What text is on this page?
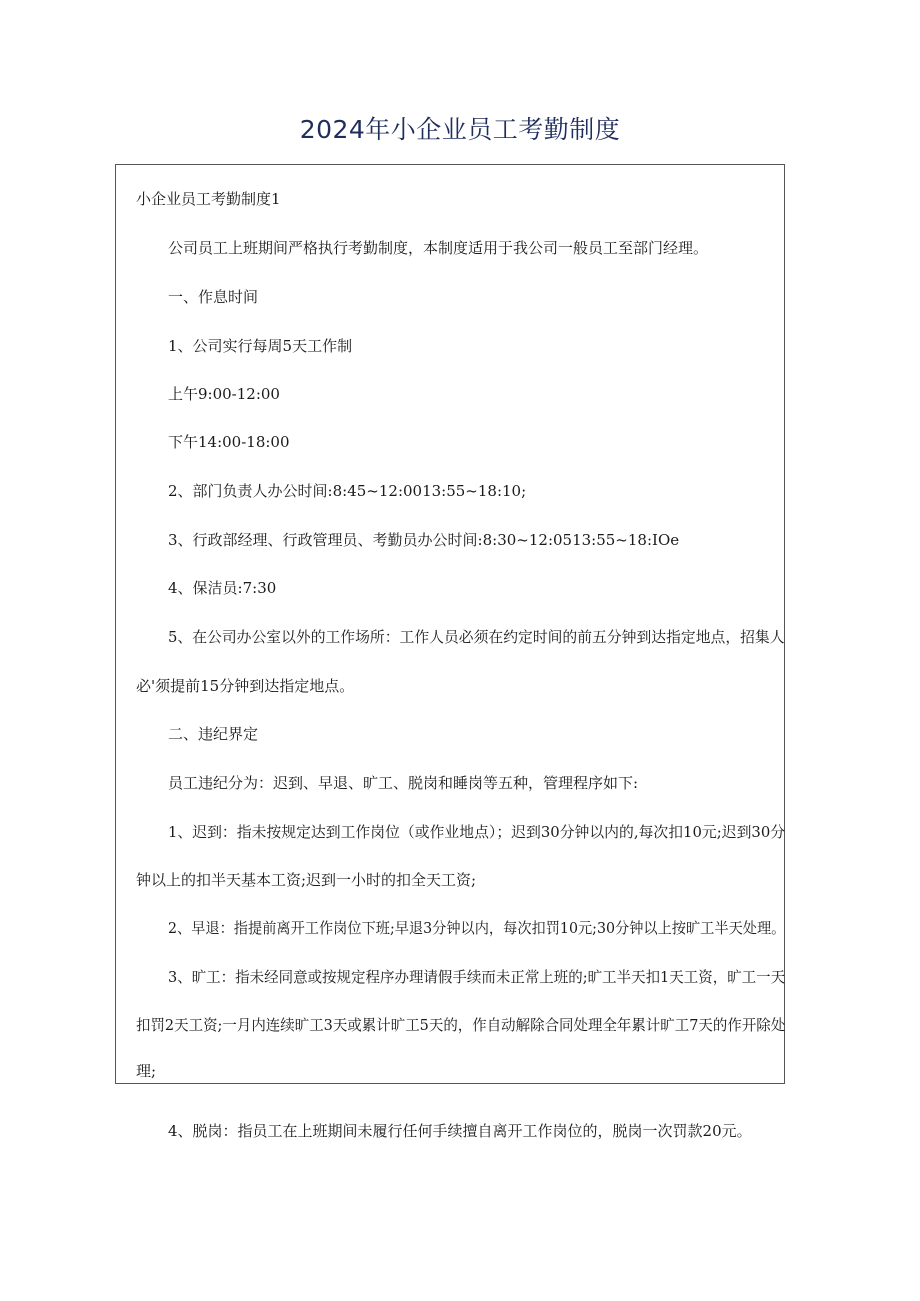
2024年小企业员工考勤制度
小企业员工考勤制度1
公司员工上班期间严格执行考勤制度，本制度适用于我公司一般员工至部门经理。
一、作息时间
1、公司实行每周5天工作制
上午9:00-12:00
下午14:00-18:00
2、部门负责人办公时间:8:45~12:0013:55~18:10;
3、行政部经理、行政管理员、考勤员办公时间:8:30~12:0513:55~18:IOe
4、保洁员:7:30
5、在公司办公室以外的工作场所：工作人员必须在约定时间的前五分钟到达指定地点，招集人
必'须提前15分钟到达指定地点。
二、违纪界定
员工违纪分为：迟到、早退、旷工、脱岗和睡岗等五种，管理程序如下:
1、迟到：指未按规定达到工作岗位（或作业地点）；迟到30分钟以内的,每次扣10元;迟到30分
钟以上的扣半天基本工资;迟到一小时的扣全天工资;
2、早退：指提前离开工作岗位下班;早退3分钟以内，每次扣罚10元;30分钟以上按旷工半天处理。
3、旷工：指未经同意或按规定程序办理请假手续而未正常上班的;旷工半天扣1天工资，旷工一天
扣罚2天工资;一月内连续旷工3天或累计旷工5天的，作自动解除合同处理全年累计旷工7天的作开除处
理;
4、脱岗：指员工在上班期间未履行任何手续擅自离开工作岗位的，脱岗一次罚款20元。
